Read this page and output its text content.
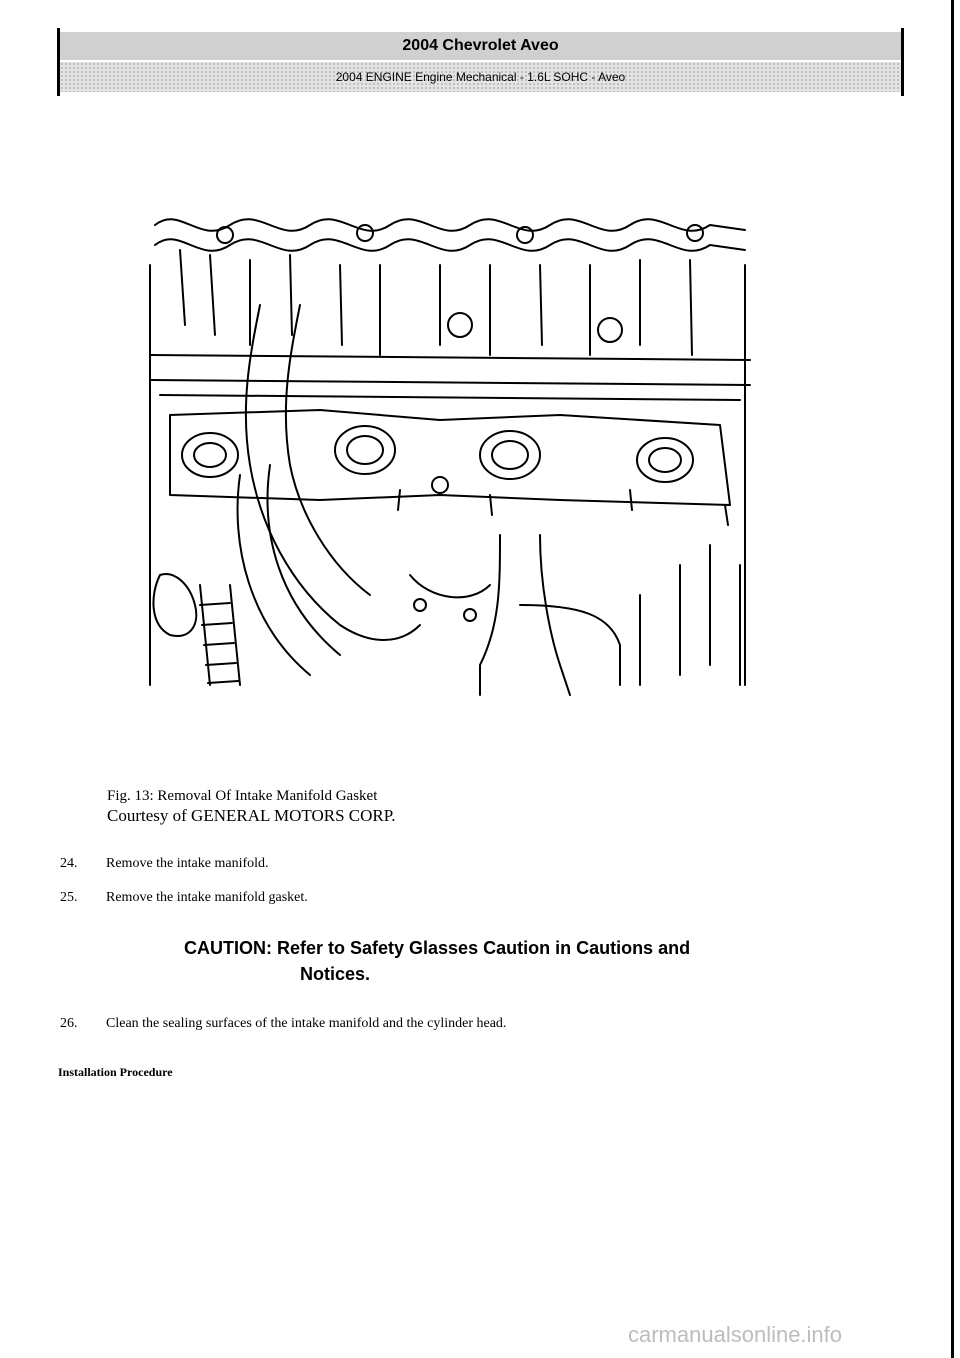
2004 Chevrolet Aveo
2004 ENGINE Engine Mechanical - 1.6L SOHC - Aveo
Fig. 13: Removal Of Intake Manifold Gasket
Courtesy of GENERAL MOTORS CORP.
24.	Remove the intake manifold.
25.	Remove the intake manifold gasket.
CAUTION: Refer to Safety Glasses Caution in Cautions and
Notices.
26.	Clean the sealing surfaces of the intake manifold and the cylinder head.
Installation Procedure
carmanualsonline.info
